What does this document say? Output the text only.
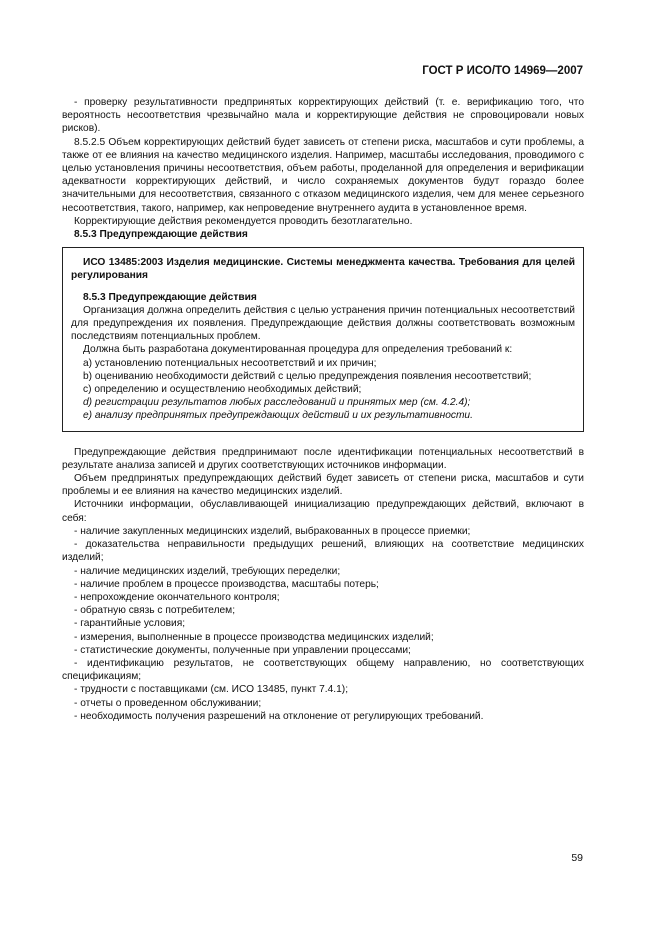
ГОСТ Р ИСО/ТО 14969—2007

- проверку результативности предпринятых корректирующих действий (т. е. верификацию того, что вероятность несоответствия чрезвычайно мала и корректирующие действия не спровоцировали новых рисков).

8.5.2.5 Объем корректирующих действий будет зависеть от степени риска, масштабов и сути проблемы, а также от ее влияния на качество медицинского изделия. Например, масштабы исследования, проводимого с целью установления причины несоответствия, объем работы, проделанной для определения и верификации адекватности корректирующих действий, и число сохраняемых документов будут гораздо более значительными для несоответствия, связанного с отказом медицинского изделия, чем для менее серьезного несоответствия, такого, например, как непроведение внутреннего аудита в установленное время.

Корректирующие действия рекомендуется проводить безотлагательно.

8.5.3 Предупреждающие действия

ИСО 13485:2003 Изделия медицинские. Системы менеджмента качества. Требования для целей регулирования

8.5.3 Предупреждающие действия

Организация должна определить действия с целью устранения причин потенциальных несоответствий для предупреждения их появления. Предупреждающие действия должны соответствовать возможным последствиям потенциальных проблем.

Должна быть разработана документированная процедура для определения требований к:

a) установлению потенциальных несоответствий и их причин;

b) оцениванию необходимости действий с целью предупреждения появления несоответствий;

c) определению и осуществлению необходимых действий;

d) регистрации результатов любых расследований и принятых мер (см. 4.2.4);

e) анализу предпринятых предупреждающих действий и их результативности.

Предупреждающие действия предпринимают после идентификации потенциальных несоответствий в результате анализа записей и других соответствующих источников информации.

Объем предпринятых предупреждающих действий будет зависеть от степени риска, масштабов и сути проблемы и ее влияния на качество медицинских изделий.

Источники информации, обуславливающей инициализацию предупреждающих действий, включают в себя:

- наличие закупленных медицинских изделий, выбракованных в процессе приемки;

- доказательства неправильности предыдущих решений, влияющих на соответствие медицинских изделий;

- наличие медицинских изделий, требующих переделки;

- наличие проблем в процессе производства, масштабы потерь;

- непрохождение окончательного контроля;

- обратную связь с потребителем;

- гарантийные условия;

- измерения, выполненные в процессе производства медицинских изделий;

- статистические документы, полученные при управлении процессами;

- идентификацию результатов, не соответствующих общему направлению, но соответствующих спецификациям;

- трудности с поставщиками (см. ИСО 13485, пункт 7.4.1);

- отчеты о проведенном обслуживании;

- необходимость получения разрешений на отклонение от регулирующих требований.

59
